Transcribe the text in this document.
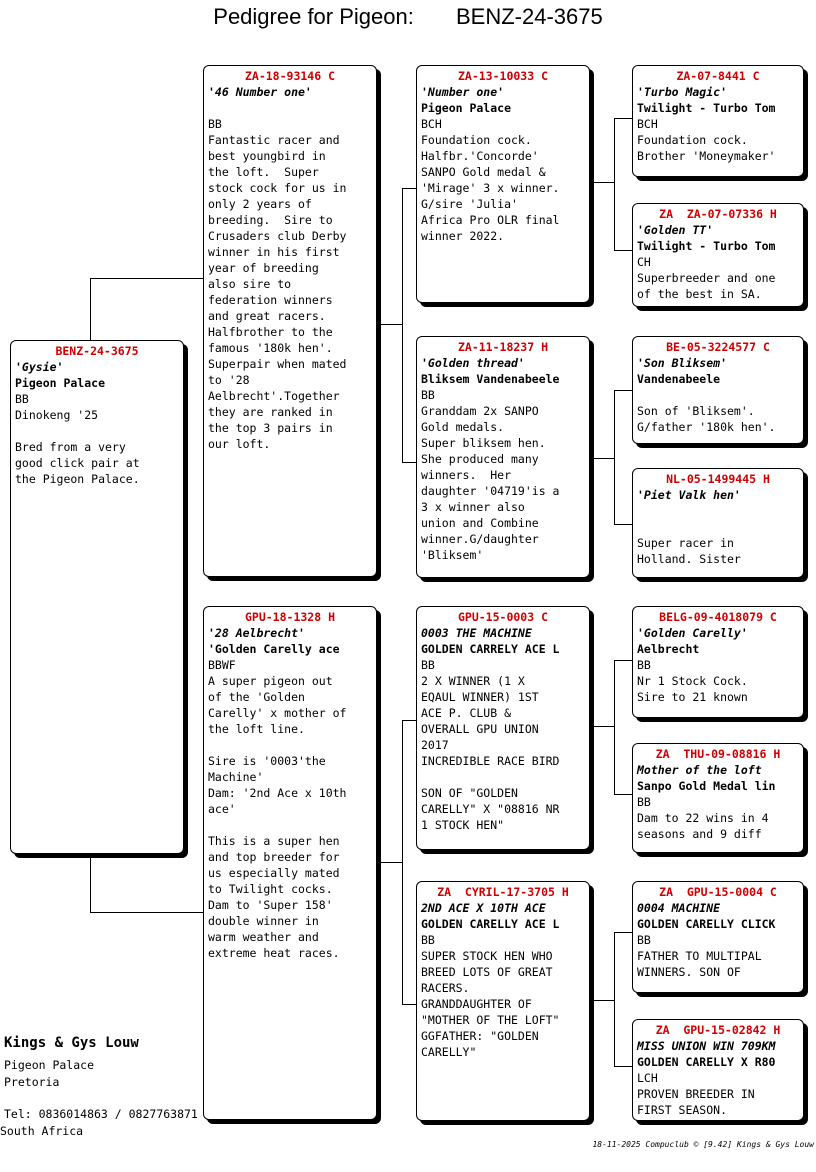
Pedigree for Pigeon: BENZ-24-3675
BENZ-24-3675
'Gysie'
Pigeon Palace
BB
Dinokeng '25

Bred from a very
good click pair at
the Pigeon Palace.
ZA-18-93146 C
'46 Number one'

BB
Fantastic racer and
best youngbird in
the loft.  Super
stock cock for us in
only 2 years of
breeding.  Sire to
Crusaders club Derby
winner in his first
year of breeding
also sire to
federation winners
and great racers.
Halfbrother to the
famous '180k hen'.
Superpair when mated
to '28
Aelbrecht'.Together
they are ranked in
the top 3 pairs in
our loft.
GPU-18-1328 H
'28 Aelbrecht'
'Golden Carelly ace
BBWF
A super pigeon out
of the 'Golden
Carelly' x mother of
the loft line.

Sire is '0003'the
Machine'
Dam: '2nd Ace x 10th
ace'

This is a super hen
and top breeder for
us especially mated
to Twilight cocks.
Dam to 'Super 158'
double winner in
warm weather and
extreme heat races.
ZA-13-10033 C
'Number one'
Pigeon Palace
BCH
Foundation cock.
Halfbr.'Concorde'
SANPO Gold medal &
'Mirage' 3 x winner.
G/sire 'Julia'
Africa Pro OLR final
winner 2022.
ZA-11-18237 H
'Golden thread'
Bliksem Vandenabeele
BB
Granddam 2x SANPO
Gold medals.
Super bliksem hen.
She produced many
winners.  Her
daughter '04719'is a
3 x winner also
union and Combine
winner.G/daughter
'Bliksem'
GPU-15-0003 C
0003 THE MACHINE
GOLDEN CARRELY ACE L
BB
2 X WINNER (1 X
EQAUL WINNER) 1ST
ACE P. CLUB &
OVERALL GPU UNION
2017
INCREDIBLE RACE BIRD

SON OF "GOLDEN
CARELLY" X "08816 NR
1 STOCK HEN"
ZA  CYRIL-17-3705 H
2ND ACE X 10TH ACE
GOLDEN CARELLY ACE L
BB
SUPER STOCK HEN WHO
BREED LOTS OF GREAT
RACERS.
GRANDDAUGHTER OF
"MOTHER OF THE LOFT"
GGFATHER: "GOLDEN
CARELLY"
ZA-07-8441 C
'Turbo Magic'
Twilight - Turbo Tom
BCH
Foundation cock.
Brother 'Moneymaker'
ZA  ZA-07-07336 H
'Golden TT'
Twilight - Turbo Tom
CH
Superbreeder and one
of the best in SA.
BE-05-3224577 C
'Son Bliksem'
Vandenabeele

Son of 'Bliksem'.
G/father '180k hen'.
NL-05-1499445 H
'Piet Valk hen'

Super racer in
Holland. Sister
BELG-09-4018079 C
'Golden Carelly'
Aelbrecht
BB
Nr 1 Stock Cock.
Sire to 21 known
ZA  THU-09-08816 H
Mother of the loft
Sanpo Gold Medal lin
BB
Dam to 22 wins in 4
seasons and 9 diff
ZA  GPU-15-0004 C
0004 MACHINE
GOLDEN CARELLY CLICK
BB
FATHER TO MULTIPAL
WINNERS. SON OF
ZA  GPU-15-02842 H
MISS UNION WIN 709KM
GOLDEN CARELLY X R80
LCH
PROVEN BREEDER IN
FIRST SEASON.
Kings & Gys Louw
Pigeon Palace
Pretoria
Tel: 0836014863 / 0827763871
South Africa
18-11-2025 Compuclub © [9.42] Kings & Gys Louw
